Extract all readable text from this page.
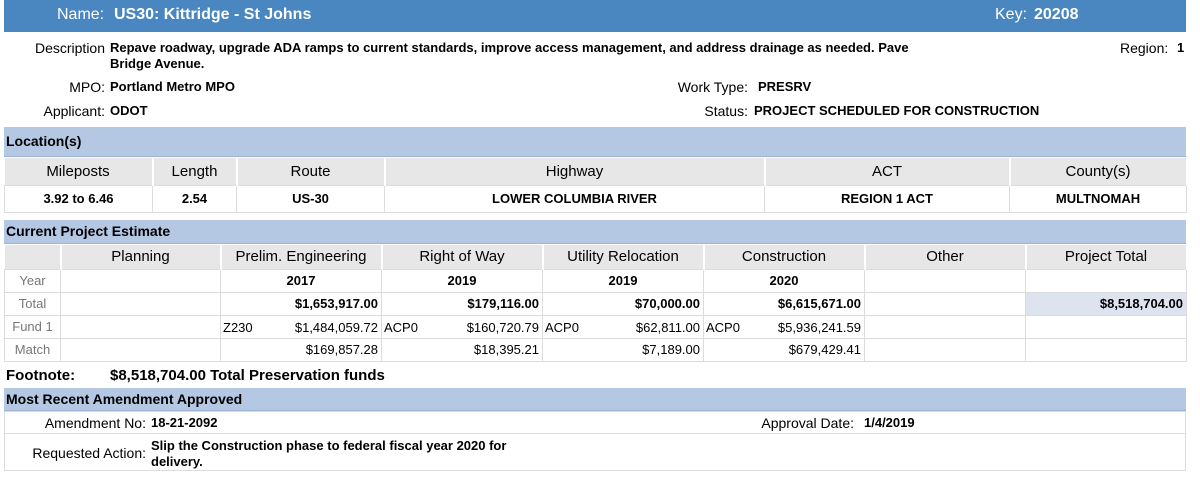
Name: US30: Kittridge - St Johns	Key: 20208
Description Repave roadway, upgrade ADA ramps to current standards, improve access management, and address drainage as needed. Pave
Bridge Avenue.
Region: 1
MPO: Portland Metro MPO	Work Type: PRESRV
Applicant: ODOT	Status: PROJECT SCHEDULED FOR CONSTRUCTION
Location(s)
Mileposts	Length	Route	Highway	ACT	County(s)
3.92 to 6.46	2.54	US-30	LOWER COLUMBIA RIVER	REGION 1 ACT	MULTNOMAH
Current Project Estimate
	Planning	Prelim. Engineering	Right of Way	Utility Relocation	Construction	Other	Project Total
Year		2017	2019	2019	2020		
Total		$1,653,917.00	$179,116.00	$70,000.00	$6,615,671.00		$8,518,704.00
Fund 1		Z230 $1,484,059.72	ACP0 $160,720.79	ACP0 $62,811.00	ACP0 $5,936,241.59		

Match		$169,857.28	$18,395.21	$7,189.00	$679,429.41		
Footnote: $8,518,704.00 Total Preservation funds
Most Recent Amendment Approved
Amendment No: 18-21-2092	Approval Date: 1/4/2019
Requested Action: Slip the Construction phase to federal fiscal year 2020 for
delivery.
